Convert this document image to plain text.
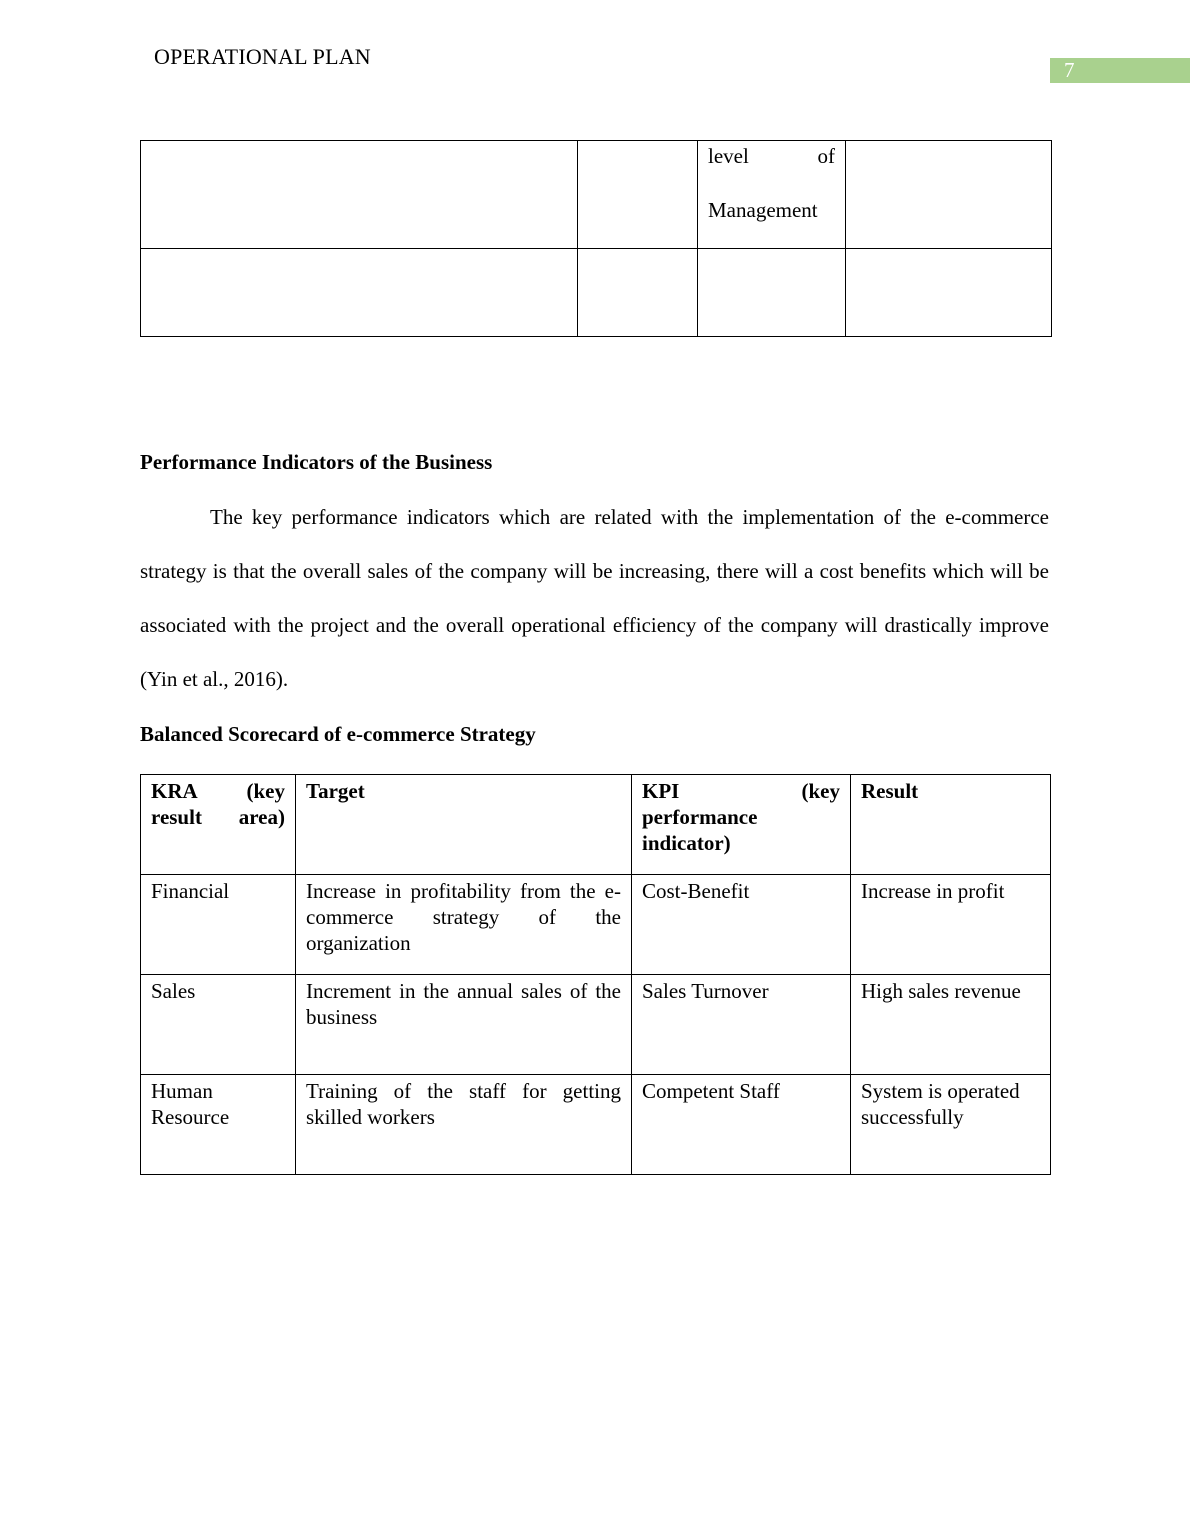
OPERATIONAL PLAN
7

		level of
Management	

Performance Indicators of the Business
The key performance indicators which are related with the implementation of the e-commerce strategy is that the overall sales of the company will be increasing, there will a cost benefits which will be associated with the project and the overall operational efficiency of the company will drastically improve (Yin et al., 2016).
Balanced Scorecard of e-commerce Strategy
KRA (key result area)	Target	KPI (key performance indicator)	Result
Financial	Increase in profitability from the e-commerce strategy of the organization	Cost-Benefit	Increase in profit
Sales	Increment in the annual sales of the business	Sales Turnover	High sales revenue
Human Resource	Training of the staff for getting skilled workers	Competent Staff	System is operated successfully
